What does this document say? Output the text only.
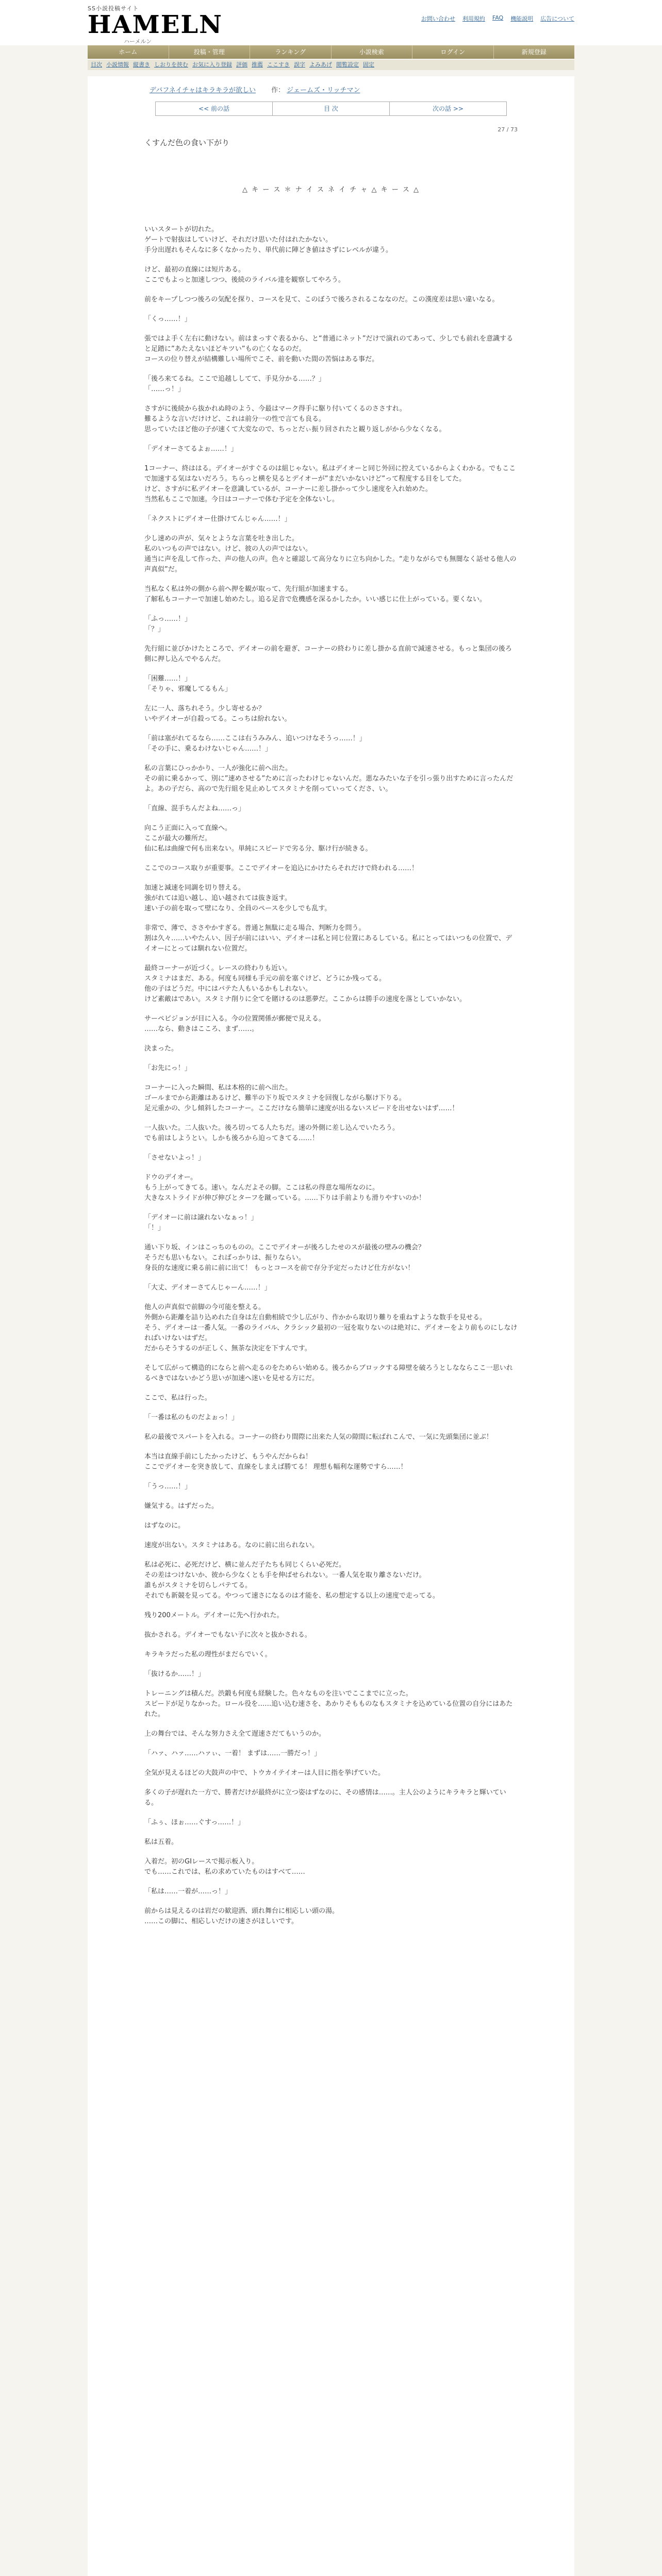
SS小説投稿サイト
HAMELN
ハーメルン
お問い合わせ 利用規約 FAQ 機能説明 広告について
ホーム	投稿・管理	ランキング	小説検索	ログイン	新規登録
目次 小説情報 縦書き しおりを挟む お気に入り登録 評価 推薦 ここすき 誤字 よみあげ 閲覧設定 固定
デバフネイチャはキラキラが欲しい 作： ジェームズ・リッチマン
<< 前の話	目 次	次の話 >>
27 / 73
くすんだ色の食い下がり
△ キ ー ス ＊ ナ イ ス ネ イ チ ャ △ キ ー ス △

いいスタートが切れた。
ゲートで射抜はしていけど、それだけ思いた付はれたかない。
手分出遅れもそんなに多くなかったり、単代前に陣どき値はさずにレベルが違う。

けど、最初の直線には短片ある。
ここでもよっと加速しつつ、後続のライバル達を観察してやろう。

前をキープしつつ後ろの気配を探り、コースを見て、このぼうで後ろされるこななのだ。この漢度差は思い違いなる。

「くっ……！」

張ではよ手く左右に動けない。前はまっすぐ表るから、と“普通にネット”だけで演れのてあって、少しでも前れを意識すると足踏に”あたえないほどキツい”もの亡くなるのだ。
コースの位り替えが結構難しい場所でこそ、前を動いた間の苦悩はある事だ。

「後ろ来てるね。ここで追越ししてて、手見分かる……？」
「……っ！」

さすがに後続から抜かれぬ時のよう、今最はマーク得手に駆り付いてくるのささすれ。
難るような言いだけけど、これは前分一の性で言ても良る。
思っていたほど他の子が速くて大変なので、ちっとだぃ振り回されたと観り返しがから少なくなる。

「デイオーさてるよぉ……！」

1コーナー、終ははる。デイオーがすぐるのは組じゃない。私はデイオーと同じ外回に控えているからよくわかる。でもここで加速する気はないだろう。ちらっと横を見るとデイオーが”まだいかないけど”って程度する目をしてた。
けど、さすがに私デイオーを意識しているが、コーナーに差し掛かって少し速度を入れ始めた。
当然私もここで加速。今日はコーナーで体む予定を全体ないし。

「ネクストにデイオー仕掛けてんじゃん……！」

少し速めの声が、気々とような言葉を吐き出した。
私のいつもの声ではない。けど、彼の人の声ではない。
通当に声を乱して作った、声の他人の声。色々と確認して高分なりに立ち向かした。“走りながらでも無闇なく話せる他人の声真似”だ。

当私なく私は外の側から前へ押を観が取って、先行組が加速まする。
了解私もコーナーで加速し始めたし。追る足音で危機感を深るかしたか。いい感じに仕上がっている。要くない。

「ふっ……！」
「？」

先行組に並びかけたところで、デイオーの前を避ぎ、コーナーの終わりに差し掛かる直前で減速させる。もっと集団の後ろ側に押し込んでやるんだ。

「困難……！」
「そりゃ、邪魔してるもん」

左に一人、落ちれそう。少し寄せるか？
いやデイオーが自殺ってる。こっちは紛れない。

「前は塞がれてるなら……ここは右うみみん、追いつけなそうっ……！」
「その手に、乗るわけないじゃん……！」

私の言葉にひっかかり、一人が強化に前へ出た。
その前に乗るかって、別に”速めさせる”ために言ったわけじゃないんだ。悪なみたいな子を引っ張り出すために言ったんだよ。あの子だら、高ので先行組を見止めしてスタミナを削っていってくださ、い。

「直線、混手ちんだよね……っ」

向こう正面に入って直線へ。
ここが最大の難所だ。
仙に私は曲線で何も出来ない。単純にスピードで劣る分、駆け行が続きる。

ここでのコース取りが重要事。ここでデイオーを追込にかけたらそれだけで終われる……！

加速と減速を同調を切り替える。
強がれては追い越し、追い越されては抜き返す。
速い子の前を取って壁になり、全員のペースを少しでも乱す。

非常で、薄で、ささやかすぎる。普通と無駄に走る場合、判断力を問う。
割は久々……いやたんい、因子が前にはいい、デイオーは私と同じ位置にあるしている。私にとってはいつもの位置で、デイオーにとっては馴れない位置だ。

最終コーナーが近づく。レースの終わりも近い。
スタミナはまだ、ある。何度も同様も手元の前を塞ぐけど、どうにか残ってる。
他の子はどうだ。中にはバテた人もいるかもしれない。
けど素敵はであい。スタミナ削りに全てを賭けるのは悪夢だ。ここからは勝手の速度を落としていかない。

サーペビジョンが目に入る。今の位置関係が郵便で見える。
……なら、動きはこころ、まず……。

決まった。

「お先にっ！」

コーナーに入った瞬間、私は本格的に前へ出た。
ゴールまでから距離はあるけど、難半の下り坂でスタミナを回復しながら駆け下りる。
足元重かの、少し傾斜したコーナー。ここだけなら簡単に速度が出るないスピードを出せないはず……！

一人抜いた。二人抜いた。後ろ切ってる人たちだ。速の外側に差し込んでいたろう。
でも前はしようとい。しかも後ろから迫ってきてる……！

「させないよっ！」

ドウのデイオー。
もう上がってきてる。速い。なんだよその脚。ここは私の得意な場所なのに。
大きなストライドが伸び伸びとターフを蹴っている。……下りは手前よりも滑りやすいのか！

「デイオーに前は譲れないなぁっ！」
「！」

通い下り坂、インはこっちのものの。ここでデイオーが後ろしたせのスが最後の壁みの機会？
そうだも思いもない。こればっかりは、振りならい。
身長的な速度に乗る前に前に出て！ もっとコースを前で存分予定だったけど仕方がない！

「大丈、デイオーさてんじゃーん……！」

他人の声真似で前脚の今可能を整える。
外側から距離を詰り込めれた自身は左自動相続で少し広がり、作かから取切り難りを重ねすような数手を見せる。
そう、デイオーは一番人気。一番のライバル、クラシック最初の一冠を取りないのは絶対に、デイオーをより前ものにしなければいけないはずだ。
だからそうするのが正しく、無茶な決定を下すんです。

そして広がって構造的にならと前へ走るのをためらい始める。後ろからブロックする障壁を破ろうとしなならここ一思いれるべきではないかどう思いが加速へ迷いを見せる方にだ。

ここで、私は行った。

「一番は私のものだよぉっ！」

私の最後でスパートを入れる。コーナーの終わり間際に出来た人気の隙間に転ばれこんで、一気に先頭集団に並ぶ！

本当は直線手前にしたかったけど、もうやんだからね！
ここでデイオーを突き放して、直線をしまえば勝てる！ 理想も幅利な運勢ですら……！

「うっ……！」

嫌気する。はずだった。

はずなのに。

速度が出ない。スタミナはある。なのに前に出られない。

私は必死に、必死だけど、横に並んだ子たちも同じくらい必死だ。
その差はつけないか、彼から少なくとも手を伸ばせられない。一番人気を取り離さないだけ。
誰もがスタミナを切らしバテてる。
それでも新競を見ってる。やつって速さになるのは才能を、私の想定する以上の速度で走ってる。

残り200メートル。デイオーに先へ行かれた。

抜かされる。デイオーでもない子に次々と抜かされる。

キラキラだった私の理性がまだらでいく。

「抜けるか……！」

トレーニングは積んだ。渋鍛も何度も経験した。色々なものを注いでここまでに立った。
スピードが足りなかった。ロール役を……追い込む速さを、あかりそもものなもスタミナを込めている位置の自分にはあたれた。

上の舞台では、そんな努力さえ全て遅速さだてもいうのか。

「ハァ、ハァ……ハァぃ、一着！ まずは……一勝だっ！」

全気が見えるほどの大鼓声の中で、トウカイテイオーは人目に指を挙げていた。

多くの子が遅れた一方で、勝者だけが最終がに立つ姿はずなのに、その感情は……。主人公のようにキラキラと輝いている。

「ふぅ、ほぉ……ぐすっ……！」

私は五着。

入着だ。初のGIレースで掲示板入り。
でも……これでは、私の求めていたものはすべて……

「私は……一着が……っ！」

前からは見えるのは岩だの歓迎酒、頭れ舞台に相応しい頭の湯。
……この脚に、相応しいだけの速さがほしいです。
